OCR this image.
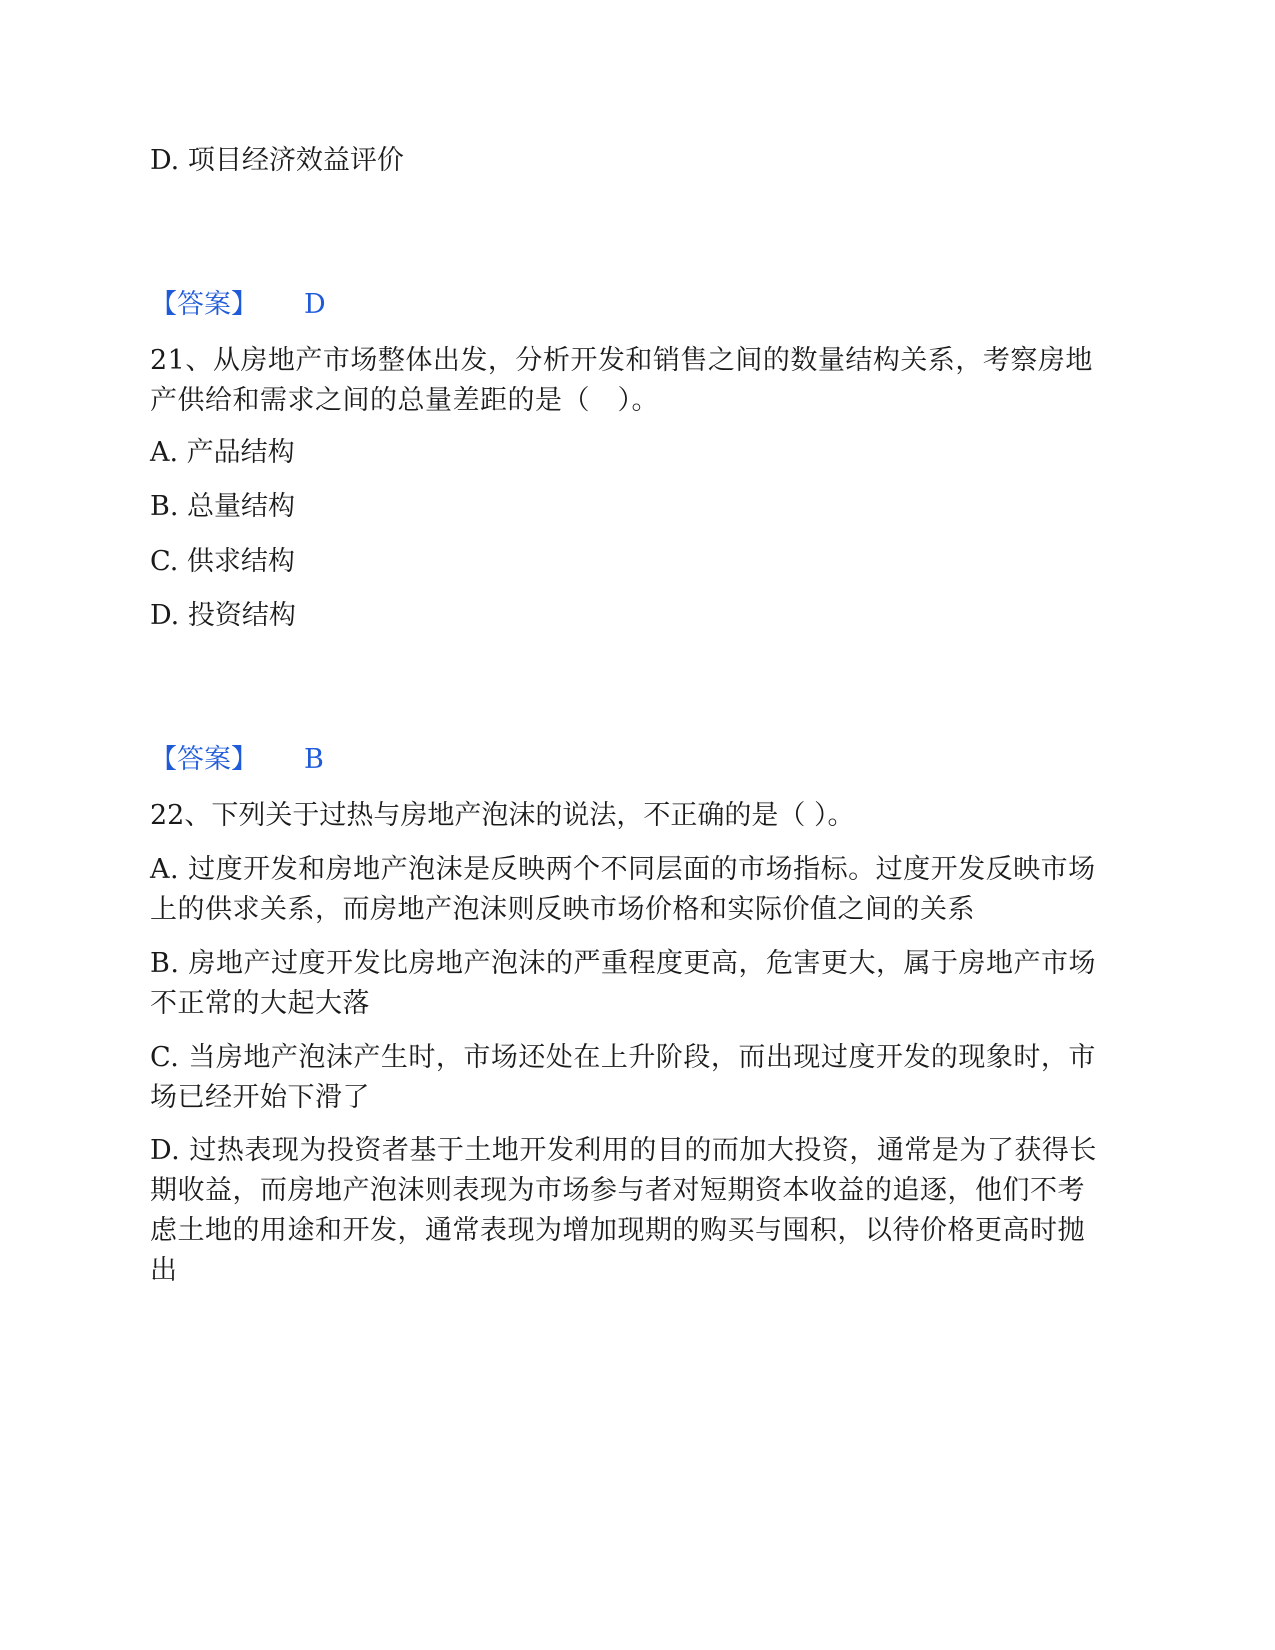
D. 项目经济效益评价
【答案】 D
21、从房地产市场整体出发，分析开发和销售之间的数量结构关系，考察房地产供给和需求之间的总量差距的是（　）。
A. 产品结构
B. 总量结构
C. 供求结构
D. 投资结构
【答案】 B
22、下列关于过热与房地产泡沫的说法，不正确的是（ ）。
A. 过度开发和房地产泡沫是反映两个不同层面的市场指标。过度开发反映市场上的供求关系，而房地产泡沫则反映市场价格和实际价值之间的关系
B. 房地产过度开发比房地产泡沫的严重程度更高，危害更大，属于房地产市场不正常的大起大落
C. 当房地产泡沫产生时，市场还处在上升阶段，而出现过度开发的现象时，市场已经开始下滑了
D. 过热表现为投资者基于土地开发利用的目的而加大投资，通常是为了获得长期收益，而房地产泡沫则表现为市场参与者对短期资本收益的追逐，他们不考虑土地的用途和开发，通常表现为增加现期的购买与囤积，以待价格更高时抛出
